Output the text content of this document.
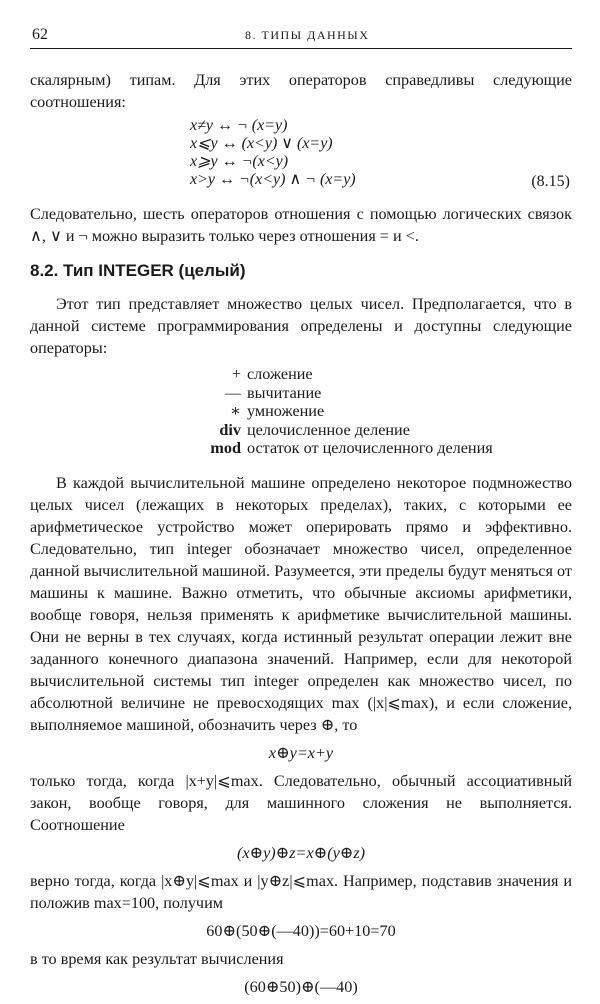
62	8. ТИПЫ ДАННЫХ

скалярным) типам. Для этих операторов справедливы следующие соотношения:

x≠y ↔ ¬ (x=y)
x⩽y ↔ (x<y) ∨ (x=y)
x⩾y ↔ ¬(x<y)
x>y ↔ ¬(x<y) ∧ ¬ (x=y)	(8.15)

Следовательно, шесть операторов отношения с помощью логических связок ∧, ∨ и ¬ можно выразить только через отношения = и <.

8.2. Тип INTEGER (целый)

Этот тип представляет множество целых чисел. Предполагается, что в данной системе программирования определены и доступны следующие операторы:

+ сложение
— вычитание
∗ умножение
div целочисленное деление
mod остаток от целочисленного деления

В каждой вычислительной машине определено некоторое подмножество целых чисел (лежащих в некоторых пределах), таких, с которыми ее арифметическое устройство может оперировать прямо и эффективно. Следовательно, тип integer обозначает множество чисел, определенное данной вычислительной машиной. Разумеется, эти пределы будут меняться от машины к машине. Важно отметить, что обычные аксиомы арифметики, вообще говоря, нельзя применять к арифметике вычислительной машины. Они не верны в тех случаях, когда истинный результат операции лежит вне заданного конечного диапазона значений. Например, если для некоторой вычислительной системы тип integer определен как множество чисел, по абсолютной величине не превосходящих max (|x|⩽max), и если сложение, выполняемое машиной, обозначить через ⊕, то

x⊕y=x+y

только тогда, когда |x+y|⩽max. Следовательно, обычный ассоциативный закон, вообще говоря, для машинного сложения не выполняется. Соотношение

(x⊕y)⊕z=x⊕(y⊕z)

верно тогда, когда |x⊕y|⩽max и |y⊕z|⩽max. Например, подставив значения и положив max=100, получим

60⊕(50⊕(—40))=60+10=70

в то время как результат вычисления

(60⊕50)⊕(—40)
